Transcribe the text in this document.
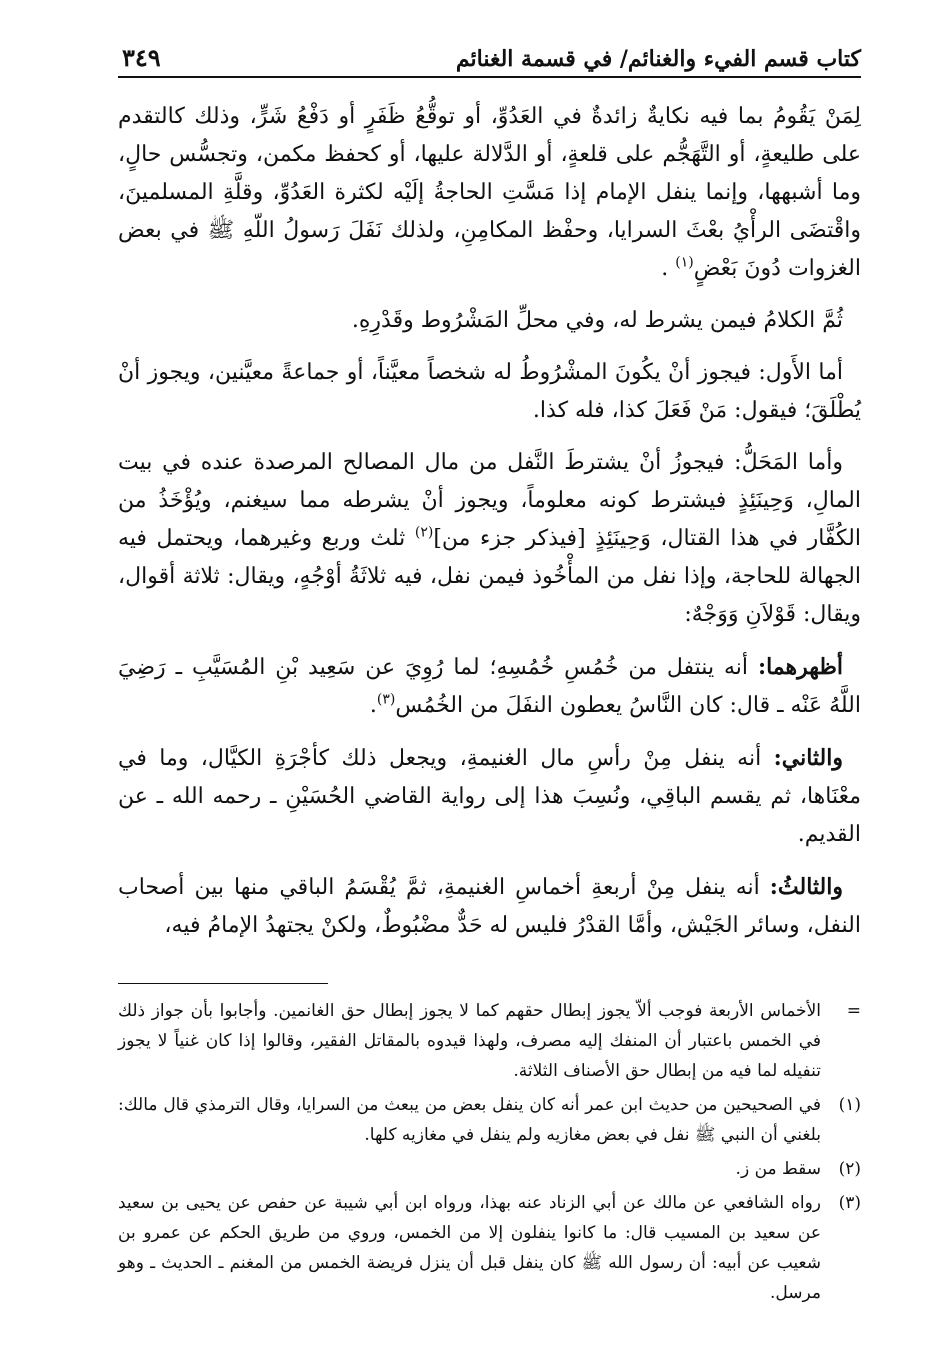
كتاب قسم الفيء والغنائم/ في قسمة الغنائم
٣٤٩

لِمَنْ يَقُومُ بما فيه نكايةٌ زائدةٌ في العَدُوِّ، أو توقُّعُ ظَفَرٍ أو دَفْعُ شَرٍّ، وذلك كالتقدم على طليعةٍ، أو التَّهَجُّم على قلعةٍ، أو الدَّلالة عليها، أو كحفظ مكمن، وتجسُّس حالٍ، وما أشبهها، وإنما ينفل الإمام إذا مَسَّتِ الحاجةُ إلَيْه لكثرة العَدُوِّ، وقلَّةِ المسلمينَ، واقْتضَى الرأْيُ بعْثَ السرايا، وحفْظ المكامِنِ، ولذلك نَفَلَ رَسولُ اللّهِ ﷺ في بعض الغزوات دُونَ بَعْضٍ$^{(١)}$ .

ثُمَّ الكلامُ فيمن يشرط له، وفي محلِّ المَشْرُوط وقَدْرِهِ.

أما الأَول: فيجوز أنْ يكُونَ المشْرُوطُ له شخصاً معيَّناً، أو جماعةً معيَّنين، ويجوز أنْ يُطْلَقَ؛ فيقول: مَنْ فَعَلَ كذا، فله كذا.

وأما المَحَلُّ: فيجوزُ أنْ يشترطَ النَّفل من مال المصالح المرصدة عنده في بيت المالِ، وَحِينَئِذٍ فيشترط كونه معلوماً، ويجوز أنْ يشرطه مما سيغنم، ويُؤْخَذُ من الكُفَّار في هذا القتال، وَحِينَئِذٍ [فيذكر جزء من]$^{(٢)}$ ثلث وربع وغيرهما، ويحتمل فيه الجهالة للحاجة، وإذا نفل من المأْخُوذ فيمن نفل، فيه ثلاثَةُ أوْجُهٍ، ويقال: ثلاثة أقوال، ويقال: قَوْلاَنِ وَوَجْهٌ:

أظهرهما: أنه ينتفل من خُمُسِ خُمُسِهِ؛ لما رُوِيَ عن سَعِيد بْنِ المُسَيَّبِ ـ رَضِيَ اللَّهُ عَنْه ـ قال: كان النَّاسُ يعطون النفَلَ من الخُمُس$^{(٣)}$.

والثاني: أنه ينفل مِنْ رأسِ مال الغنيمةِ، ويجعل ذلك كأجْرَةِ الكيَّال، وما في معْنَاها، ثم يقسم الباقِي، ونُسِبَ هذا إلى رواية القاضي الحُسَيْنِ ـ رحمه الله ـ عن القديم.

والثالثُ: أنه ينفل مِنْ أربعةِ أخماسِ الغنيمةِ، ثمَّ يُقْسَمُ الباقي منها بين أصحاب النفل، وسائر الجَيْش، وأمَّا القدْرُ فليس له حَدٌّ مضْبُوطٌ، ولكنْ يجتهدُ الإمامُ فيه،

=
الأخماس الأربعة فوجب ألاّ يجوز إبطال حقهم كما لا يجوز إبطال حق الغانمين. وأجابوا بأن جواز ذلك في الخمس باعتبار أن المنفك إليه مصرف، ولهذا قيدوه بالمقاتل الفقير، وقالوا إذا كان غنياً لا يجوز تنفيله لما فيه من إبطال حق الأصناف الثلاثة.
(١)
في الصحيحين من حديث ابن عمر أنه كان ينفل بعض من يبعث من السرايا، وقال الترمذي قال مالك: بلغني أن النبي ﷺ نفل في بعض مغازيه ولم ينفل في مغازيه كلها.
(٢)
سقط من ز.
(٣)
رواه الشافعي عن مالك عن أبي الزناد عنه بهذا، ورواه ابن أبي شيبة عن حفص عن يحيى بن سعيد عن سعيد بن المسيب قال: ما كانوا ينفلون إلا من الخمس، وروي من طريق الحكم عن عمرو بن شعيب عن أبيه: أن رسول الله ﷺ كان ينفل قبل أن ينزل فريضة الخمس من المغنم ـ الحديث ـ وهو مرسل.
